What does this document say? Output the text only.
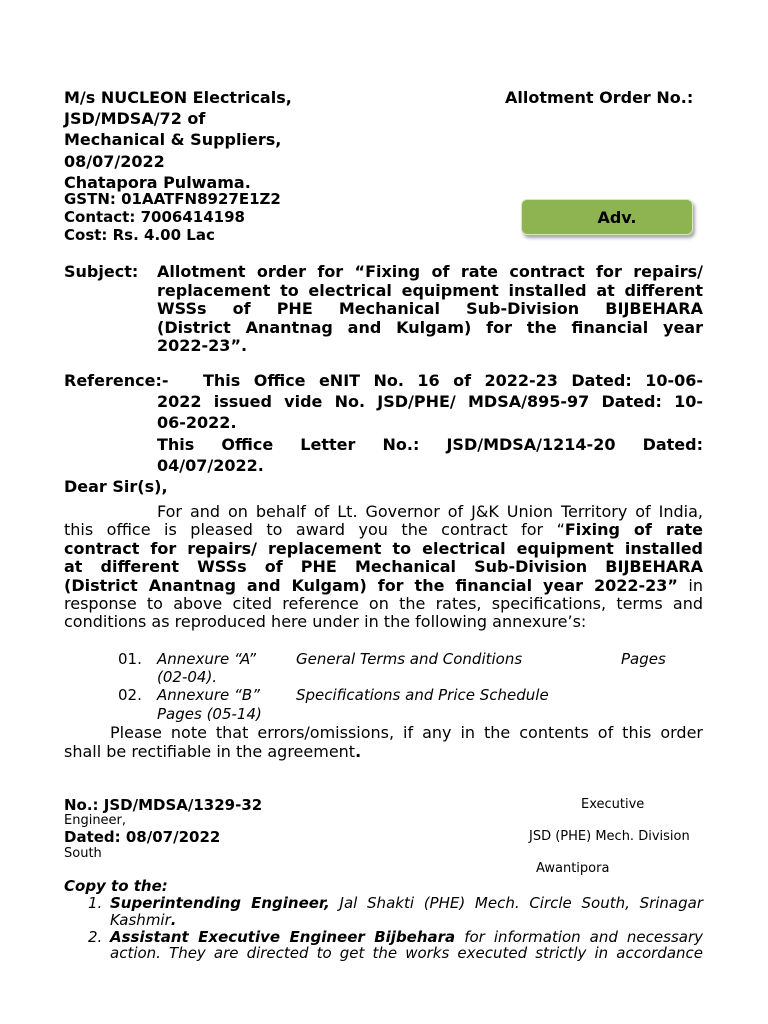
M/s NUCLEON Electricals,
JSD/MDSA/72 of
Mechanical & Suppliers,
08/07/2022
Chatapora Pulwama.
GSTN: 01AATFN8927E1Z2
Contact: 7006414198
Cost: Rs. 4.00 Lac
Allotment Order No.:
Adv.
Subject: Allotment order for “Fixing of rate contract for repairs/
replacement to electrical equipment installed at different
WSSs of PHE Mechanical Sub-Division BIJBEHARA
(District Anantnag and Kulgam) for the financial year
2022-23”.
Reference:- This Office eNIT No. 16 of 2022-23 Dated: 10-06-
2022 issued vide No. JSD/PHE/ MDSA/895-97 Dated: 10-
06-2022.
This Office Letter No.: JSD/MDSA/1214-20 Dated:
04/07/2022.
Dear Sir(s),
For and on behalf of Lt. Governor of J&K Union Territory of India,
this office is pleased to award you the contract for “Fixing of rate
contract for repairs/ replacement to electrical equipment installed
at different WSSs of PHE Mechanical Sub-Division BIJBEHARA
(District Anantnag and Kulgam) for the financial year 2022-23” in
response to above cited reference on the rates, specifications, terms and
conditions as reproduced here under in the following annexure’s:
01. Annexure “A”	General Terms and Conditions	Pages
(02-04).
02. Annexure “B” Specifications and Price Schedule
Pages (05-14)
Please note that errors/omissions, if any in the contents of this order
shall be rectifiable in the agreement.
No.: JSD/MDSA/1329-32	Executive
Engineer,
Dated: 08/07/2022	JSD (PHE) Mech. Division
South
Awantipora
Copy to the:
1. Superintending Engineer, Jal Shakti (PHE) Mech. Circle South, Srinagar
Kashmir.
2. Assistant Executive Engineer Bijbehara for information and necessary
action. They are directed to get the works executed strictly in accordance
